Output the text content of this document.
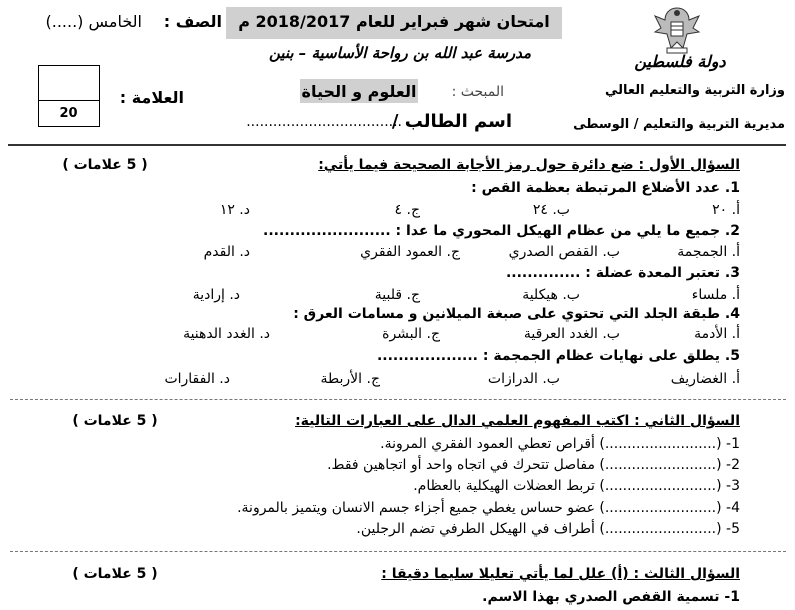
امتحان شهر فبراير للعام 2018/2017 م
مدرسة عبد الله بن رواحة الأساسية – بنين	دولة فلسطين
وزارة التربية والتعليم العالي
مديرية التربية والتعليم / الوسطى
الصف :
الخامس (.....)
المبحث :
العلوم و الحياة
اسم الطالب /
...................................
20
العلامة :
السؤال الأول : ضع دائرة حول رمز الأجابة الصحيحة فيما يأتي:
( 5 علامات )
1. عدد الأضلاع المرتبطة بعظمة القص :
أ. ٢٠
ب. ٢٤
ج. ٤
د. ١٢
2. جميع ما يلي من عظام الهيكل المحوري ما عدا : ........................
أ. الجمجمة
ب. القفص الصدري
ج. العمود الفقري
د. القدم
3. تعتبر المعدة عضلة : ..............
أ. ملساء
ب. هيكلية
ج. قلبية
د. إرادية
4. طبقة الجلد التي تحتوي على صبغة الميلانين و مسامات العرق :
أ. الأدمة
ب. الغدد العرقية
ج. البشرة
د. الغدد الدهنية
5. يطلق على نهايات عظام الجمجمة : ...................
أ. الغضاريف
ب. الدرازات
ج. الأربطة
د. الفقارات
السؤال الثاني : اكتب المفهوم العلمي الدال على العبارات التالية:
( 5 علامات )
1- (.........................) أقراص تعطي العمود الفقري المرونة.
2- (.........................) مفاصل تتحرك في اتجاه واحد أو اتجاهين فقط.
3- (.........................) تربط العضلات الهيكلية بالعظام.
4- (.........................) عضو حساس يغطي جميع أجزاء جسم الانسان ويتميز بالمرونة.
5- (.........................) أطراف في الهيكل الطرفي تضم الرجلين.
السؤال الثالث : (أ) علل لما يأتي تعليلا سليما دقيقا :
( 5 علامات )
1- تسمية القفص الصدري بهذا الاسم.
